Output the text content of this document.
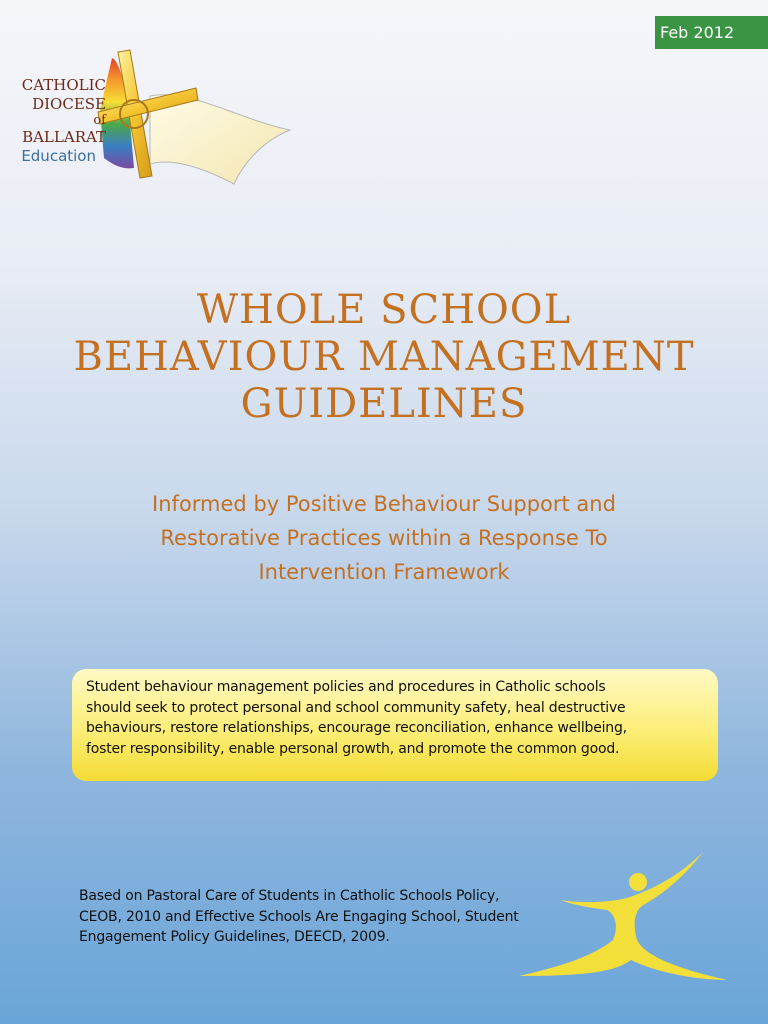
Feb 2012
CATHOLIC
DIOCESE
of
BALLARAT
Education
WHOLE SCHOOL
BEHAVIOUR MANAGEMENT
GUIDELINES
Informed by Positive Behaviour Support and
Restorative Practices within a Response To
Intervention Framework
Student behaviour management policies and procedures in Catholic schools
should seek to protect personal and school community safety, heal destructive
behaviours, restore relationships, encourage reconciliation, enhance wellbeing,
foster responsibility, enable personal growth, and promote the common good.
Based on Pastoral Care of Students in Catholic Schools Policy,
CEOB, 2010 and Effective Schools Are Engaging School, Student
Engagement Policy Guidelines, DEECD, 2009.
